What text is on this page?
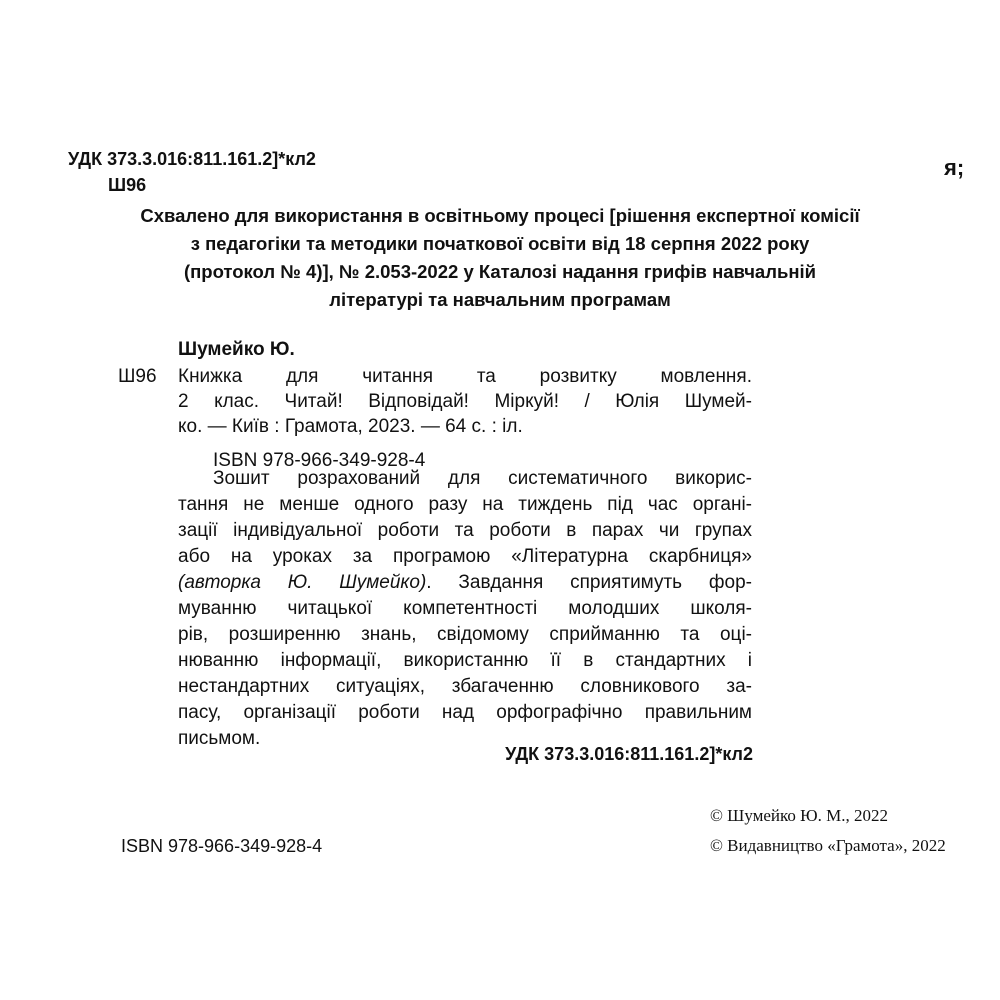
УДК 373.3.016:811.161.2]*кл2
Ш96
я;
Схвалено для використання в освітньому процесі [рішення експертної комісії
з педагогіки та методики початкової освіти від 18 серпня 2022 року
(протокол № 4)], № 2.053-2022 у Каталозі надання грифів навчальній
літературі та навчальним програмам
Шумейко Ю.
Ш96 Книжка для читання та розвитку мовлення.
2 клас. Читай! Відповідай! Міркуй! / Юлія Шумей-
ко. — Київ : Грамота, 2023. — 64 с. : іл.
ISBN 978-966-349-928-4
Зошит розрахований для систематичного викорис-
тання не менше одного разу на тиждень під час органі-
зації індивідуальної роботи та роботи в парах чи групах
або на уроках за програмою «Літературна скарбниця»
(авторка Ю. Шумейко). Завдання сприятимуть фор-
муванню читацької компетентності молодших школя-
рів, розширенню знань, свідомому сприйманню та оці-
нюванню інформації, використанню її в стандартних і
нестандартних ситуаціях, збагаченню словникового за-
пасу, організації роботи над орфографічно правильним
письмом.
УДК 373.3.016:811.161.2]*кл2
ISBN 978-966-349-928-4
© Шумейко Ю. М., 2022
© Видавництво «Грамота», 2022
